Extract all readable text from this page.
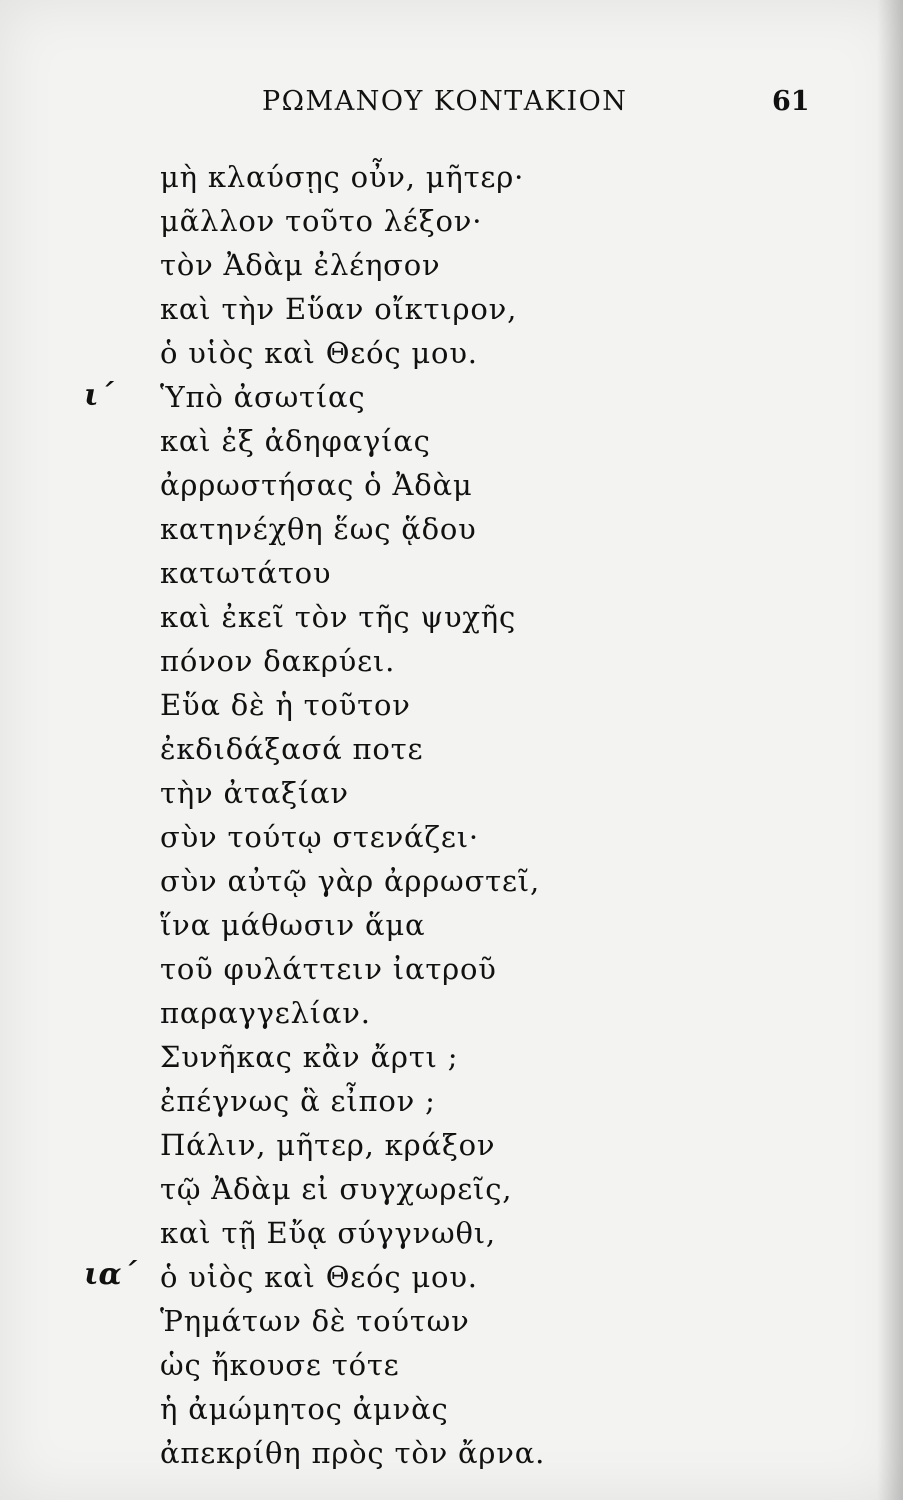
ΡΩΜΑΝΟΥ ΚΟΝΤΑΚΙΟΝ	61
ι΄
ια΄
μὴ κλαύσῃς οὖν, μῆτερ·
μᾶλλον τοῦτο λέξον·
τὸν Ἀδὰμ ἐλέησον
καὶ τὴν Εὕαν οἴκτιρον,
ὁ υἱὸς καὶ Θεός μου.
Ὑπὸ ἀσωτίας
καὶ ἐξ ἀδηφαγίας
ἀρρωστήσας ὁ Ἀδὰμ
κατηνέχθη ἕως ᾅδου
κατωτάτου
καὶ ἐκεῖ τὸν τῆς ψυχῆς
πόνον δακρύει.
Εὕα δὲ ἡ τοῦτον
ἐκδιδάξασά ποτε
τὴν ἀταξίαν
σὺν τούτῳ στενάζει·
σὺν αὐτῷ γὰρ ἀρρωστεῖ,
ἵνα μάθωσιν ἅμα
τοῦ φυλάττειν ἰατροῦ
παραγγελίαν.
Συνῆκας κἂν ἄρτι ;
ἐπέγνως ἃ εἶπον ;
Πάλιν, μῆτερ, κράξον
τῷ Ἀδὰμ εἰ συγχωρεῖς,
καὶ τῇ Εὔᾳ σύγγνωθι,
ὁ υἱὸς καὶ Θεός μου.
Ῥημάτων δὲ τούτων
ὡς ἤκουσε τότε
ἡ ἀμώμητος ἀμνὰς
ἀπεκρίθη πρὸς τὸν ἄρνα.
